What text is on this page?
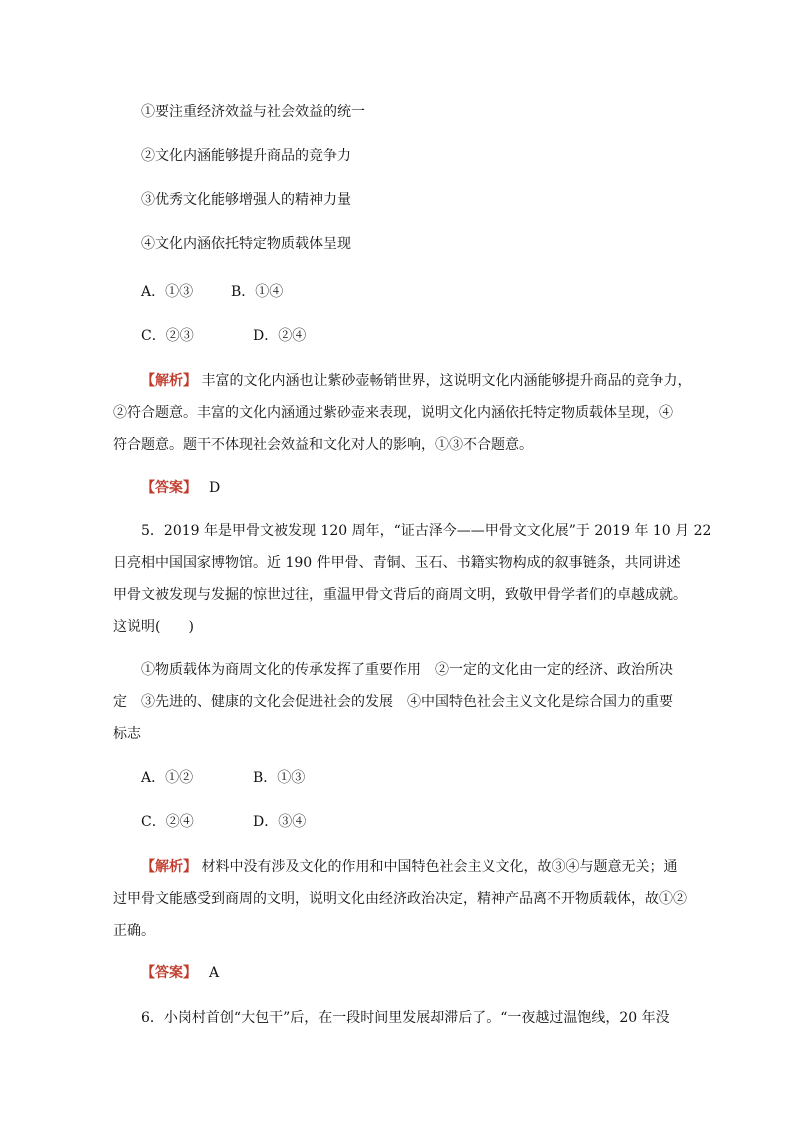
①要注重经济效益与社会效益的统一
②文化内涵能够提升商品的竞争力
③优秀文化能够增强人的精神力量
④文化内涵依托特定物质载体呈现
A．①③	B．①④
C．②③	D．②④
【解析】 丰富的文化内涵也让紫砂壶畅销世界，这说明文化内涵能够提升商品的竞争力，
②符合题意。丰富的文化内涵通过紫砂壶来表现，说明文化内涵依托特定物质载体呈现，④
符合题意。题干不体现社会效益和文化对人的影响，①③不合题意。
【答案】 D
5．2019 年是甲骨文被发现 120 周年，“证古泽今——甲骨文文化展”于 2019 年 10 月 22
日亮相中国国家博物馆。近 190 件甲骨、青铜、玉石、书籍实物构成的叙事链条，共同讲述
甲骨文被发现与发掘的惊世过往，重温甲骨文背后的商周文明，致敬甲骨学者们的卓越成就。
这说明(　　)
①物质载体为商周文化的传承发挥了重要作用　②一定的文化由一定的经济、政治所决
定　③先进的、健康的文化会促进社会的发展　④中国特色社会主义文化是综合国力的重要
标志
A．①②	B．①③
C．②④	D．③④
【解析】 材料中没有涉及文化的作用和中国特色社会主义文化，故③④与题意无关；通
过甲骨文能感受到商周的文明，说明文化由经济政治决定，精神产品离不开物质载体，故①②
正确。
【答案】 A
6．小岗村首创“大包干”后，在一段时间里发展却滞后了。“一夜越过温饱线，20 年没
